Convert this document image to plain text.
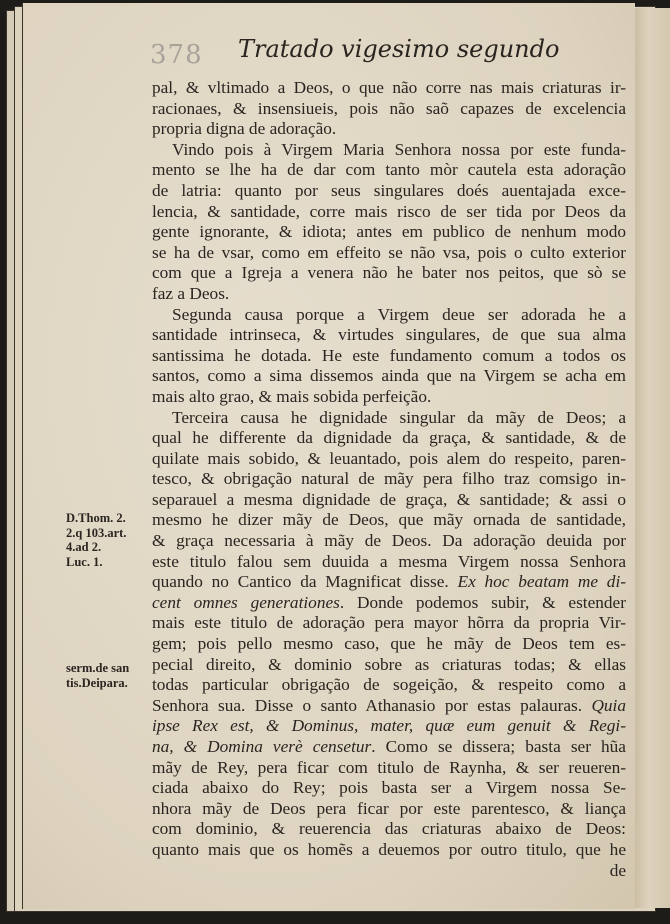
378 Tratado vigesimo segundo
pal, & vltimado a Deos, o que não corre nas mais criaturas ir-
racionaes, & insensiueis, pois não saõ capazes de excelencia
propria digna de adoração.
Vindo pois à Virgem Maria Senhora nossa por este funda-
mento se lhe ha de dar com tanto mòr cautela esta adoração
de latria: quanto por seus singulares doés auentajada exce-
lencia, & santidade, corre mais risco de ser tida por Deos da
gente ignorante, & idiota; antes em publico de nenhum modo
se ha de vsar, como em effeito se não vsa, pois o culto exterior
com que a Igreja a venera não he bater nos peitos, que sò se
faz a Deos.
Segunda causa porque a Virgem deue ser adorada he a
santidade intrinseca, & virtudes singulares, de que sua alma
santissima he dotada. He este fundamento comum a todos os
santos, como a sima dissemos ainda que na Virgem se acha em
mais alto grao, & mais sobida perfeição.
Terceira causa he dignidade singular da mãy de Deos; a
qual he differente da dignidade da graça, & santidade, & de
quilate mais sobido, & leuantado, pois alem do respeito, paren-
tesco, & obrigação natural de mãy pera filho traz comsigo in-
separauel a mesma dignidade de graça, & santidade; & assi o
mesmo he dizer mãy de Deos, que mãy ornada de santidade,
& graça necessaria à mãy de Deos. Da adoração deuida por
este titulo falou sem duuida a mesma Virgem nossa Senhora
quando no Cantico da Magnificat disse. Ex hoc beatam me di-
cent omnes generationes. Donde podemos subir, & estender
mais este titulo de adoração pera mayor hõrra da propria Vir-
gem; pois pello mesmo caso, que he mãy de Deos tem es-
pecial direito, & dominio sobre as criaturas todas; & ellas
todas particular obrigação de sogeição, & respeito como a
Senhora sua. Disse o santo Athanasio por estas palauras. Quia
ipse Rex est, & Dominus, mater, quæ eum genuit & Regi-
na, & Domina verè censetur. Como se dissera; basta ser hũa
mãy de Rey, pera ficar com titulo de Raynha, & ser reueren-
ciada abaixo do Rey; pois basta ser a Virgem nossa Se-
nhora mãy de Deos pera ficar por este parentesco, & liança
com dominio, & reuerencia das criaturas abaixo de Deos:
quanto mais que os homẽs a deuemos por outro titulo, que he
de
D.Thom. 2.
2.q 103.art.
4.ad 2.
Luc. 1.
serm.de san
tis.Deipara.
